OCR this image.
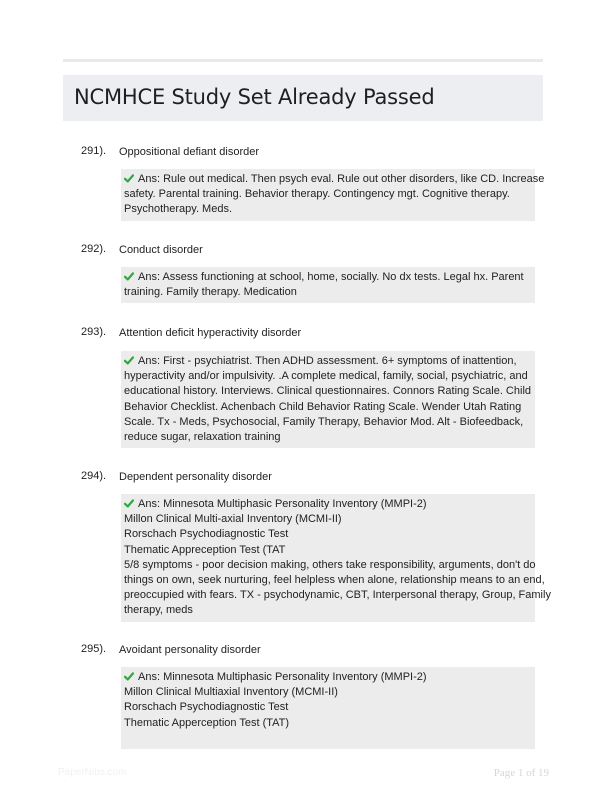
NCMHCE Study Set Already Passed
291). Oppositional defiant disorder
Ans: Rule out medical. Then psych eval. Rule out other disorders, like CD. Increase
safety. Parental training. Behavior therapy. Contingency mgt. Cognitive therapy.
Psychotherapy. Meds.
292). Conduct disorder
Ans: Assess functioning at school, home, socially. No dx tests. Legal hx. Parent
training. Family therapy. Medication
293). Attention deficit hyperactivity disorder
Ans: First - psychiatrist. Then ADHD assessment. 6+ symptoms of inattention,
hyperactivity and/or impulsivity. .A complete medical, family, social, psychiatric, and
educational history. Interviews. Clinical questionnaires. Connors Rating Scale. Child
Behavior Checklist. Achenbach Child Behavior Rating Scale. Wender Utah Rating
Scale. Tx - Meds, Psychosocial, Family Therapy, Behavior Mod. Alt - Biofeedback,
reduce sugar, relaxation training
294). Dependent personality disorder
Ans: Minnesota Multiphasic Personality Inventory (MMPI-2)
Millon Clinical Multi-axial Inventory (MCMI-II)
Rorschach Psychodiagnostic Test
Thematic Appreception Test (TAT
5/8 symptoms - poor decision making, others take responsibility, arguments, don't do
things on own, seek nurturing, feel helpless when alone, relationship means to an end,
preoccupied with fears. TX - psychodynamic, CBT, Interpersonal therapy, Group, Family
therapy, meds
295). Avoidant personality disorder
Ans: Minnesota Multiphasic Personality Inventory (MMPI-2)
Millon Clinical Multiaxial Inventory (MCMI-II)
Rorschach Psychodiagnostic Test
Thematic Apperception Test (TAT)

PaperNibs.com	Page 1 of 19
